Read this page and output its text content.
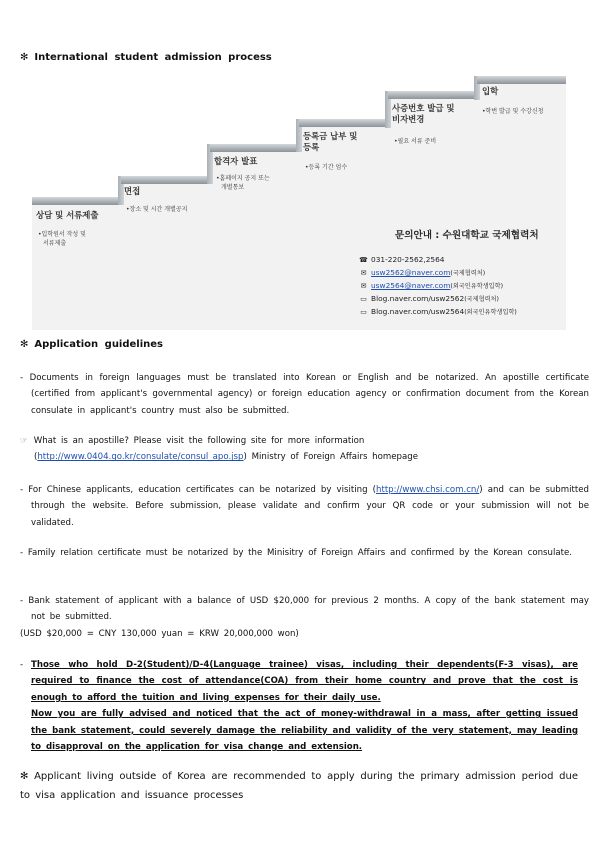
✻ International student admission process
상담 및 서류제출
•입학원서 작성 및
서류제출
면접
•장소 및 시간 개별공지
합격자 발표
•홈페이지 공지 또는
개별통보
등록금 납부 및
등록
•등록 기간 엄수
사증번호 발급 및
비자변경
•필요 서류 준비
입학
•학번 발급 및 수강신청
문의안내 : 수원대학교 국제협력처
☎ 031-220-2562,2564
✉ usw2562@naver.com(국제협력처)
✉ usw2564@naver.com(외국인유학생입학)
▭ Blog.naver.com/usw2562(국제협력처)
▭ Blog.naver.com/usw2564(외국인유학생입학)
✻ Application guidelines
- Documents in foreign languages must be translated into Korean or English and be notarized. An apostille certificate (certified from applicant's governmental agency) or foreign education agency or confirmation document from the Korean consulate in applicant's country must also be submitted.
☞ What is an apostille? Please visit the following site for more information
(http://www.0404.go.kr/consulate/consul_apo.jsp) Ministry of Foreign Affairs homepage
- For Chinese applicants, education certificates can be notarized by visiting (http://www.chsi.com.cn/) and can be submitted through the website. Before submission, please validate and confirm your QR code or your submission will not be validated.
- Family relation certificate must be notarized by the Minisitry of Foreign Affairs and confirmed by the Korean consulate.
- Bank statement of applicant with a balance of USD $20,000 for previous 2 months. A copy of the bank statement may not be submitted.
(USD $20,000 = CNY 130,000 yuan = KRW 20,000,000 won)
- Those who hold D-2(Student)/D-4(Language trainee) visas, including their dependents(F-3 visas), are required to finance the cost of attendance(COA) from their home country and prove that the cost is enough to afford the tuition and living expenses for their daily use.
Now you are fully advised and noticed that the act of money-withdrawal in a mass, after getting issued the bank statement, could severely damage the reliability and validity of the very statement, may leading to disapproval on the application for visa change and extension.
✻ Applicant living outside of Korea are recommended to apply during the primary admission period due to visa application and issuance processes
